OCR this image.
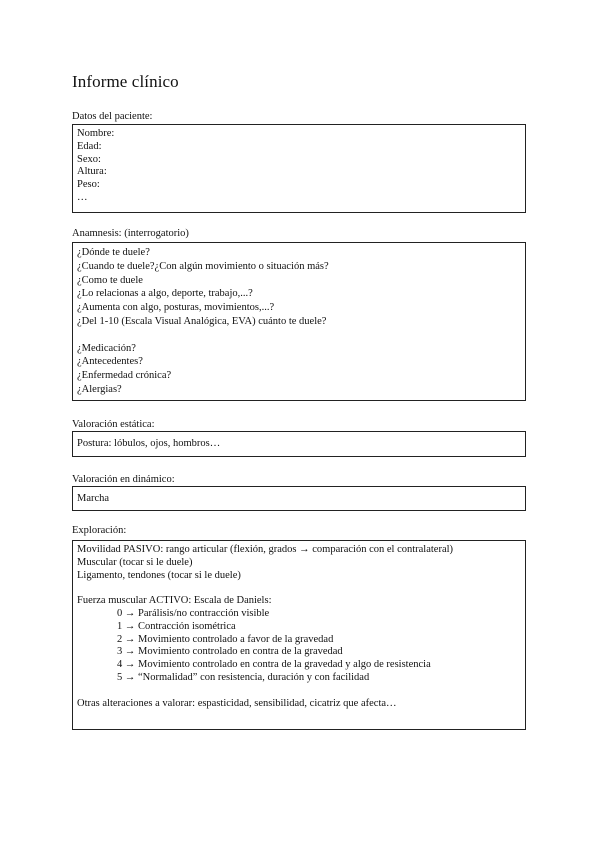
Informe clínico
Datos del paciente:
Nombre:
Edad:
Sexo:
Altura:
Peso:
…
Anamnesis: (interrogatorio)
¿Dónde te duele?
¿Cuando te duele?¿Con algún movimiento o situación más?
¿Como te duele
¿Lo relacionas a algo, deporte, trabajo,...?
¿Aumenta con algo, posturas, movimientos,...?
¿Del 1-10 (Escala Visual Analógica, EVA) cuánto te duele?
¿Medicación?
¿Antecedentes?
¿Enfermedad crónica?
¿Alergias?
Valoración estática:
Postura: lóbulos, ojos, hombros…
Valoración en dinámico:
Marcha
Exploración:
Movilidad PASIVO: rango articular (flexión, grados → comparación con el contralateral)
Muscular (tocar si le duele)
Ligamento, tendones (tocar si le duele)
Fuerza muscular ACTIVO: Escala de Daniels:
0 → Parálisis/no contracción visible
1 → Contracción isométrica
2 → Movimiento controlado a favor de la gravedad
3 → Movimiento controlado en contra de la gravedad
4 → Movimiento controlado en contra de la gravedad y algo de resistencia
5 → “Normalidad” con resistencia, duración y con facilidad
Otras alteraciones a valorar: espasticidad, sensibilidad, cicatriz que afecta…
